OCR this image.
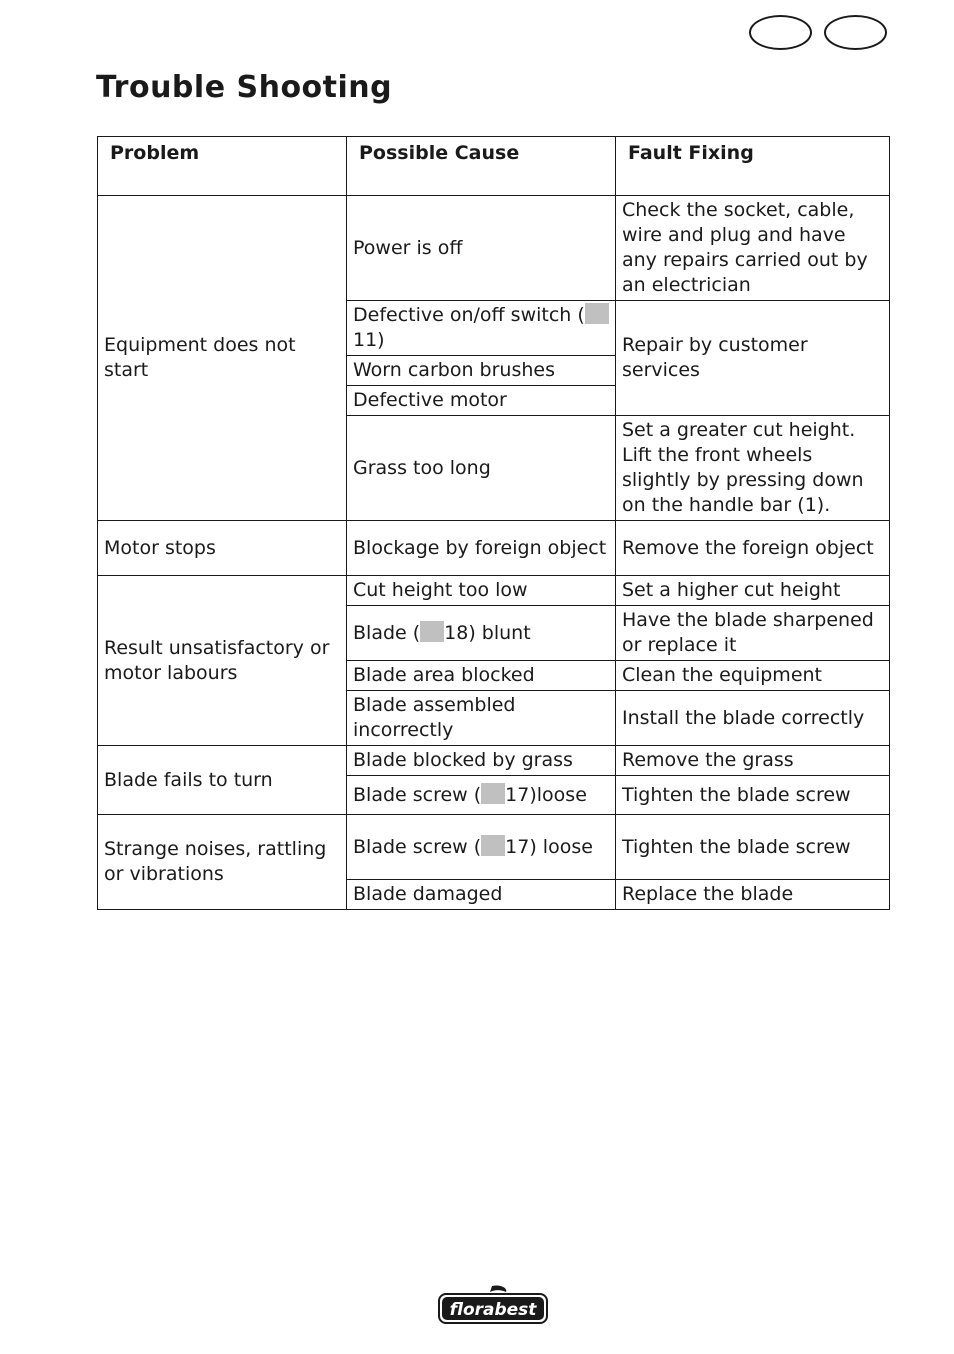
Trouble Shooting
Problem	Possible Cause	Fault Fixing
Equipment does not start	Power is off	Check the socket, cable, wire and plug and have any repairs carried out by an electrician
	Defective on/off switch (11)	Repair by customer services
	Worn carbon brushes	
	Defective motor	
	Grass too long	Set a greater cut height. Lift the front wheels slightly by pressing down on the handle bar (1).
Motor stops	Blockage by foreign object	Remove the foreign object
Result unsatisfactory or motor labours	Cut height too low	Set a higher cut height
	Blade ( 18) blunt	Have the blade sharpened or replace it
	Blade area blocked	Clean the equipment
	Blade assembled incorrectly	Install the blade correctly
Blade fails to turn	Blade blocked by grass	Remove the grass
	Blade screw ( 17)loose	Tighten the blade screw
Strange noises, rattling or vibrations	Blade screw ( 17) loose	Tighten the blade screw
	Blade damaged	Replace the blade
florabest
